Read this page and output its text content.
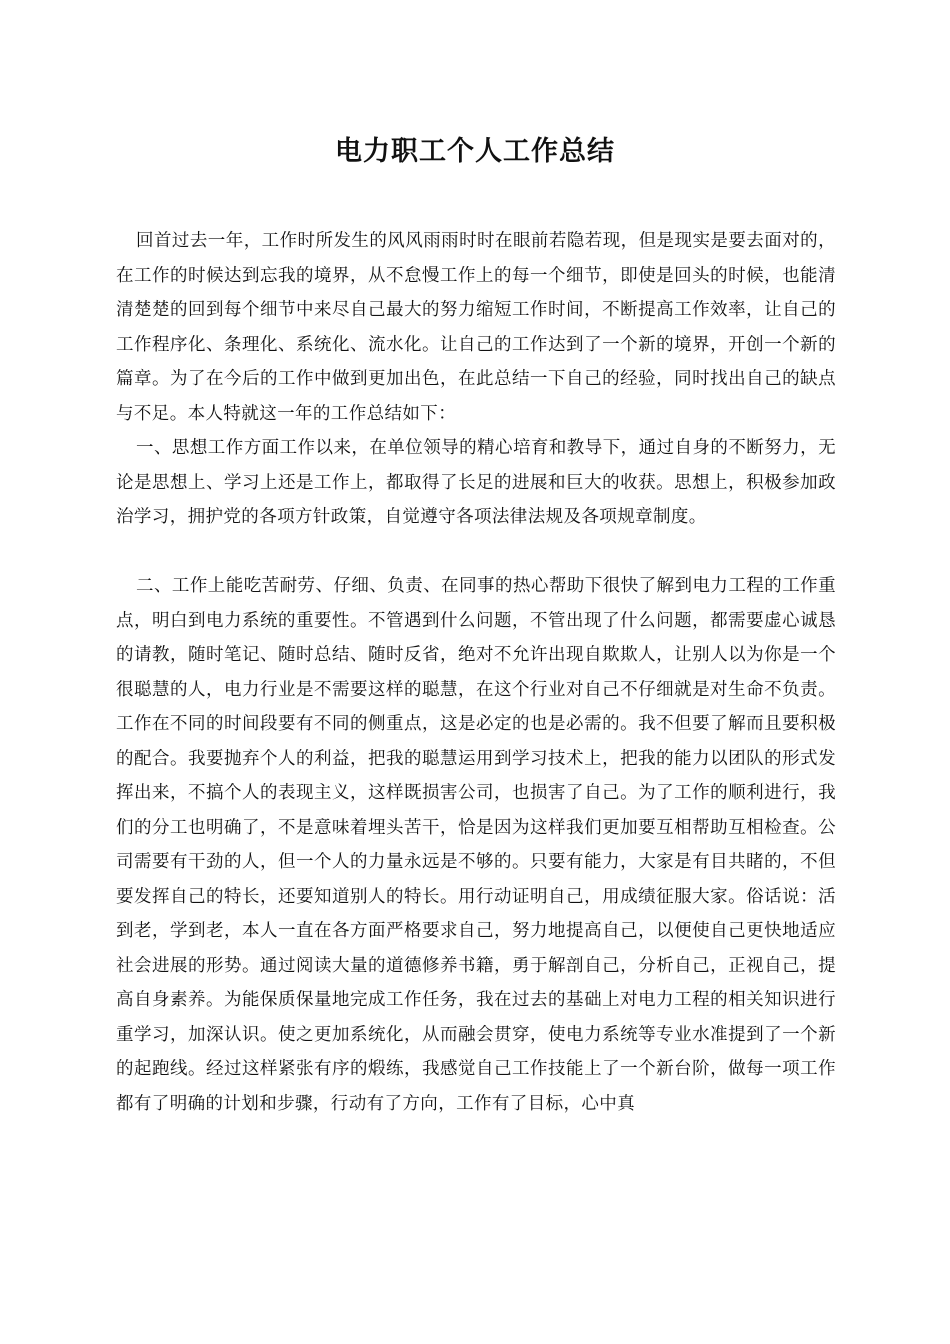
电力职工个人工作总结

回首过去一年，工作时所发生的风风雨雨时时在眼前若隐若现，但是现实是要去面对的，在工作的时候达到忘我的境界，从不怠慢工作上的每一个细节，即使是回头的时候，也能清清楚楚的回到每个细节中来尽自己最大的努力缩短工作时间，不断提高工作效率，让自己的工作程序化、条理化、系统化、流水化。让自己的工作达到了一个新的境界，开创一个新的篇章。为了在今后的工作中做到更加出色，在此总结一下自己的经验，同时找出自己的缺点与不足。本人特就这一年的工作总结如下：

一、思想工作方面工作以来，在单位领导的精心培育和教导下，通过自身的不断努力，无论是思想上、学习上还是工作上，都取得了长足的进展和巨大的收获。思想上，积极参加政治学习，拥护党的各项方针政策，自觉遵守各项法律法规及各项规章制度。

二、工作上能吃苦耐劳、仔细、负责、在同事的热心帮助下很快了解到电力工程的工作重点，明白到电力系统的重要性。不管遇到什么问题，不管出现了什么问题，都需要虚心诚恳的请教，随时笔记、随时总结、随时反省，绝对不允许出现自欺欺人，让别人以为你是一个很聪慧的人，电力行业是不需要这样的聪慧，在这个行业对自己不仔细就是对生命不负责。工作在不同的时间段要有不同的侧重点，这是必定的也是必需的。我不但要了解而且要积极的配合。我要抛弃个人的利益，把我的聪慧运用到学习技术上，把我的能力以团队的形式发挥出来，不搞个人的表现主义，这样既损害公司，也损害了自己。为了工作的顺利进行，我们的分工也明确了，不是意味着埋头苦干，恰是因为这样我们更加要互相帮助互相检查。公司需要有干劲的人，但一个人的力量永远是不够的。只要有能力，大家是有目共睹的，不但要发挥自己的特长，还要知道别人的特长。用行动证明自己，用成绩征服大家。俗话说：活到老，学到老，本人一直在各方面严格要求自己，努力地提高自己，以便使自己更快地适应社会进展的形势。通过阅读大量的道德修养书籍，勇于解剖自己，分析自己，正视自己，提高自身素养。为能保质保量地完成工作任务，我在过去的基础上对电力工程的相关知识进行重学习，加深认识。使之更加系统化，从而融会贯穿，使电力系统等专业水准提到了一个新的起跑线。经过这样紧张有序的煅练，我感觉自己工作技能上了一个新台阶，做每一项工作都有了明确的计划和步骤，行动有了方向，工作有了目标，心中真
